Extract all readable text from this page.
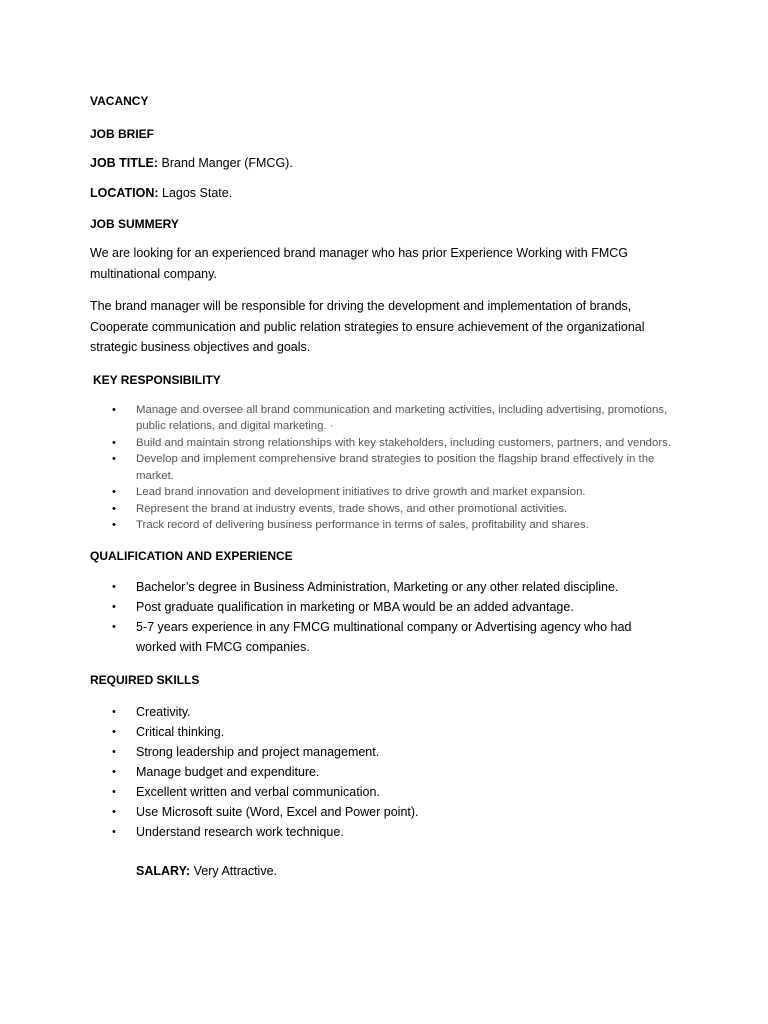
VACANCY

JOB BRIEF

JOB TITLE: Brand Manger (FMCG).

LOCATION: Lagos State.

JOB SUMMERY

We are looking for an experienced brand manager who has prior Experience Working with FMCG multinational company.

The brand manager will be responsible for driving the development and implementation of brands, Cooperate communication and public relation strategies to ensure achievement of the organizational strategic business objectives and goals.

KEY RESPONSIBILITY

• Manage and oversee all brand communication and marketing activities, including advertising, promotions, public relations, and digital marketing. ·
• Build and maintain strong relationships with key stakeholders, including customers, partners, and vendors.
• Develop and implement comprehensive brand strategies to position the flagship brand effectively in the market.
• Lead brand innovation and development initiatives to drive growth and market expansion.
• Represent the brand at industry events, trade shows, and other promotional activities.
• Track record of delivering business performance in terms of sales, profitability and shares.

QUALIFICATION AND EXPERIENCE

• Bachelor’s degree in Business Administration, Marketing or any other related discipline.
• Post graduate qualification in marketing or MBA would be an added advantage.
• 5-7 years experience in any FMCG multinational company or Advertising agency who had worked with FMCG companies.

REQUIRED SKILLS

• Creativity.
• Critical thinking.
• Strong leadership and project management.
• Manage budget and expenditure.
• Excellent written and verbal communication.
• Use Microsoft suite (Word, Excel and Power point).
• Understand research work technique.

SALARY: Very Attractive.
